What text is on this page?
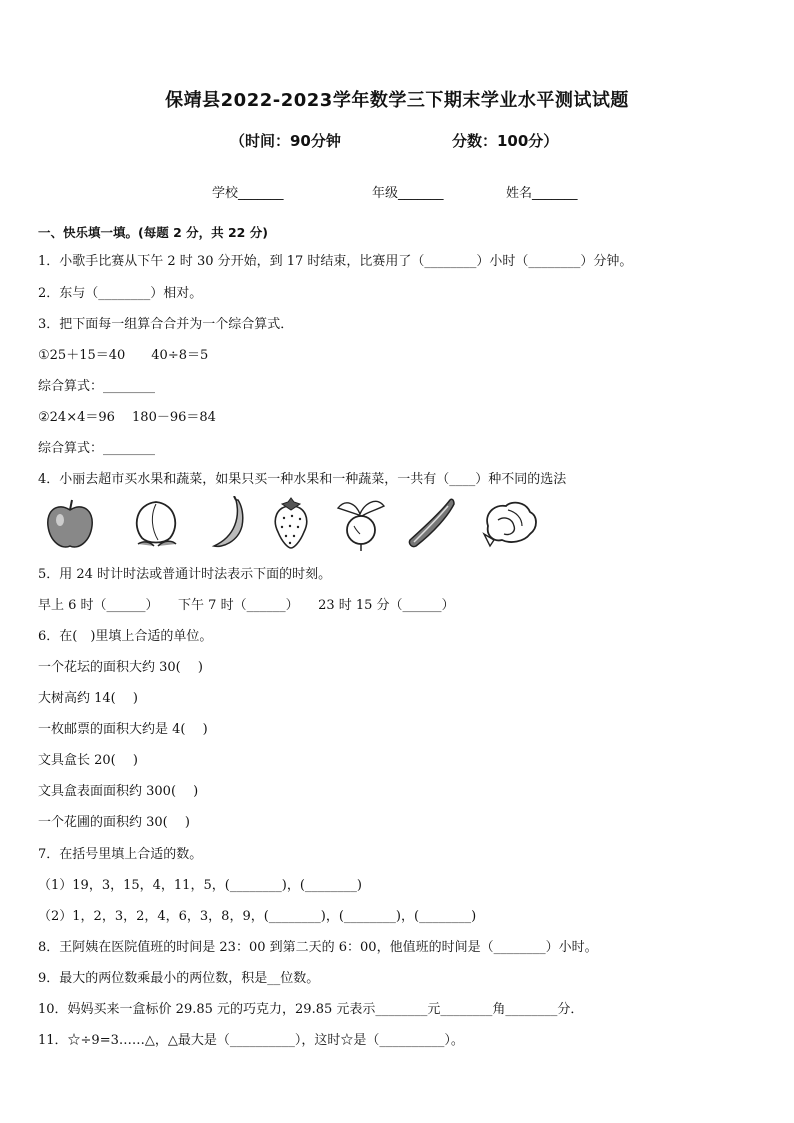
保靖县2022-2023学年数学三下期末学业水平测试试题
（时间：90分钟	分数：100分）
学校_______	年级_______	姓名_______
一、快乐填一填。(每题 2 分，共 22 分)
1．小歌手比赛从下午 2 时 30 分开始，到 17 时结束，比赛用了（________）小时（________）分钟。
2．东与（________）相对。
3．把下面每一组算合合并为一个综合算式．
①25＋15＝40　　40÷8＝5
综合算式：________
②24×4＝96　 180－96＝84
综合算式：________
4．小丽去超市买水果和蔬菜，如果只买一种水果和一种蔬菜，一共有（____）种不同的选法
5．用 24 时计时法或普通计时法表示下面的时刻。
早上 6 时（______）　　下午 7 时（______）　　23 时 15 分（______）
6．在(　)里填上合适的单位。
一个花坛的面积大约 30(　 )
大树高约 14(　 )
一枚邮票的面积大约是 4(　 )
文具盒长 20(　 )
文具盒表面面积约 300(　 )
一个花圃的面积约 30(　 )
7．在括号里填上合适的数。
（1）19，3，15，4，11，5，(________)，(________)
（2）1，2，3，2，4，6，3，8，9，(________)，(________)，(________)
8．王阿姨在医院值班的时间是 23：00 到第二天的 6：00，他值班的时间是（________）小时。
9．最大的两位数乘最小的两位数，积是__位数。
10．妈妈买来一盒标价 29.85 元的巧克力，29.85 元表示________元________角________分．
11．☆÷9=3……△，△最大是（__________），这时☆是（__________）。
